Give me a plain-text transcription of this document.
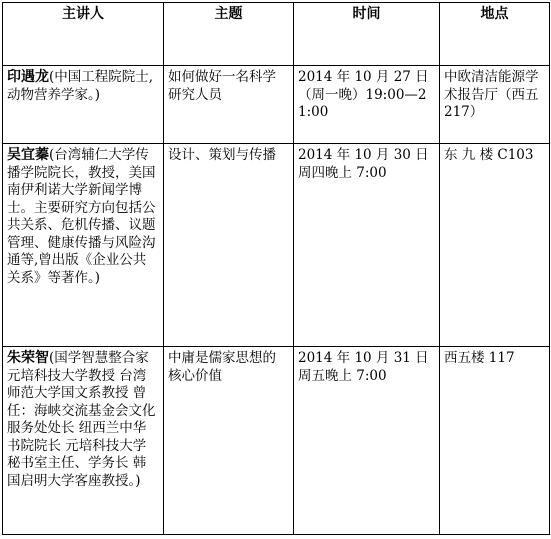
主讲人	主题	时间	地点
印遇龙(中国工程院院士,动物营养学家。)	如何做好一名科学研究人员	2014 年 10 月 27 日（周一晚）19:00—21:00	中欧清洁能源学术报告厅（西五 217）
吴宜蓁(台湾辅仁大学传播学院院长，教授，美国南伊利诺大学新闻学博士。主要研究方向包括公共关系、危机传播、议题管理、健康传播与风险沟通等,曾出版《企业公共关系》等著作。)	设计、策划与传播	2014 年 10 月 30 日周四晚上 7:00	东 九 楼 C103
朱荣智(国学智慧整合家 元培科技大学教授 台湾师范大学国文系教授 曾任：海峡交流基金会文化服务处处长 纽西兰中华书院院长 元培科技大学秘书室主任、学务长 韩国启明大学客座教授。)	中庸是儒家思想的核心价值	2014 年 10 月 31 日周五晚上 7:00	西五楼 117
